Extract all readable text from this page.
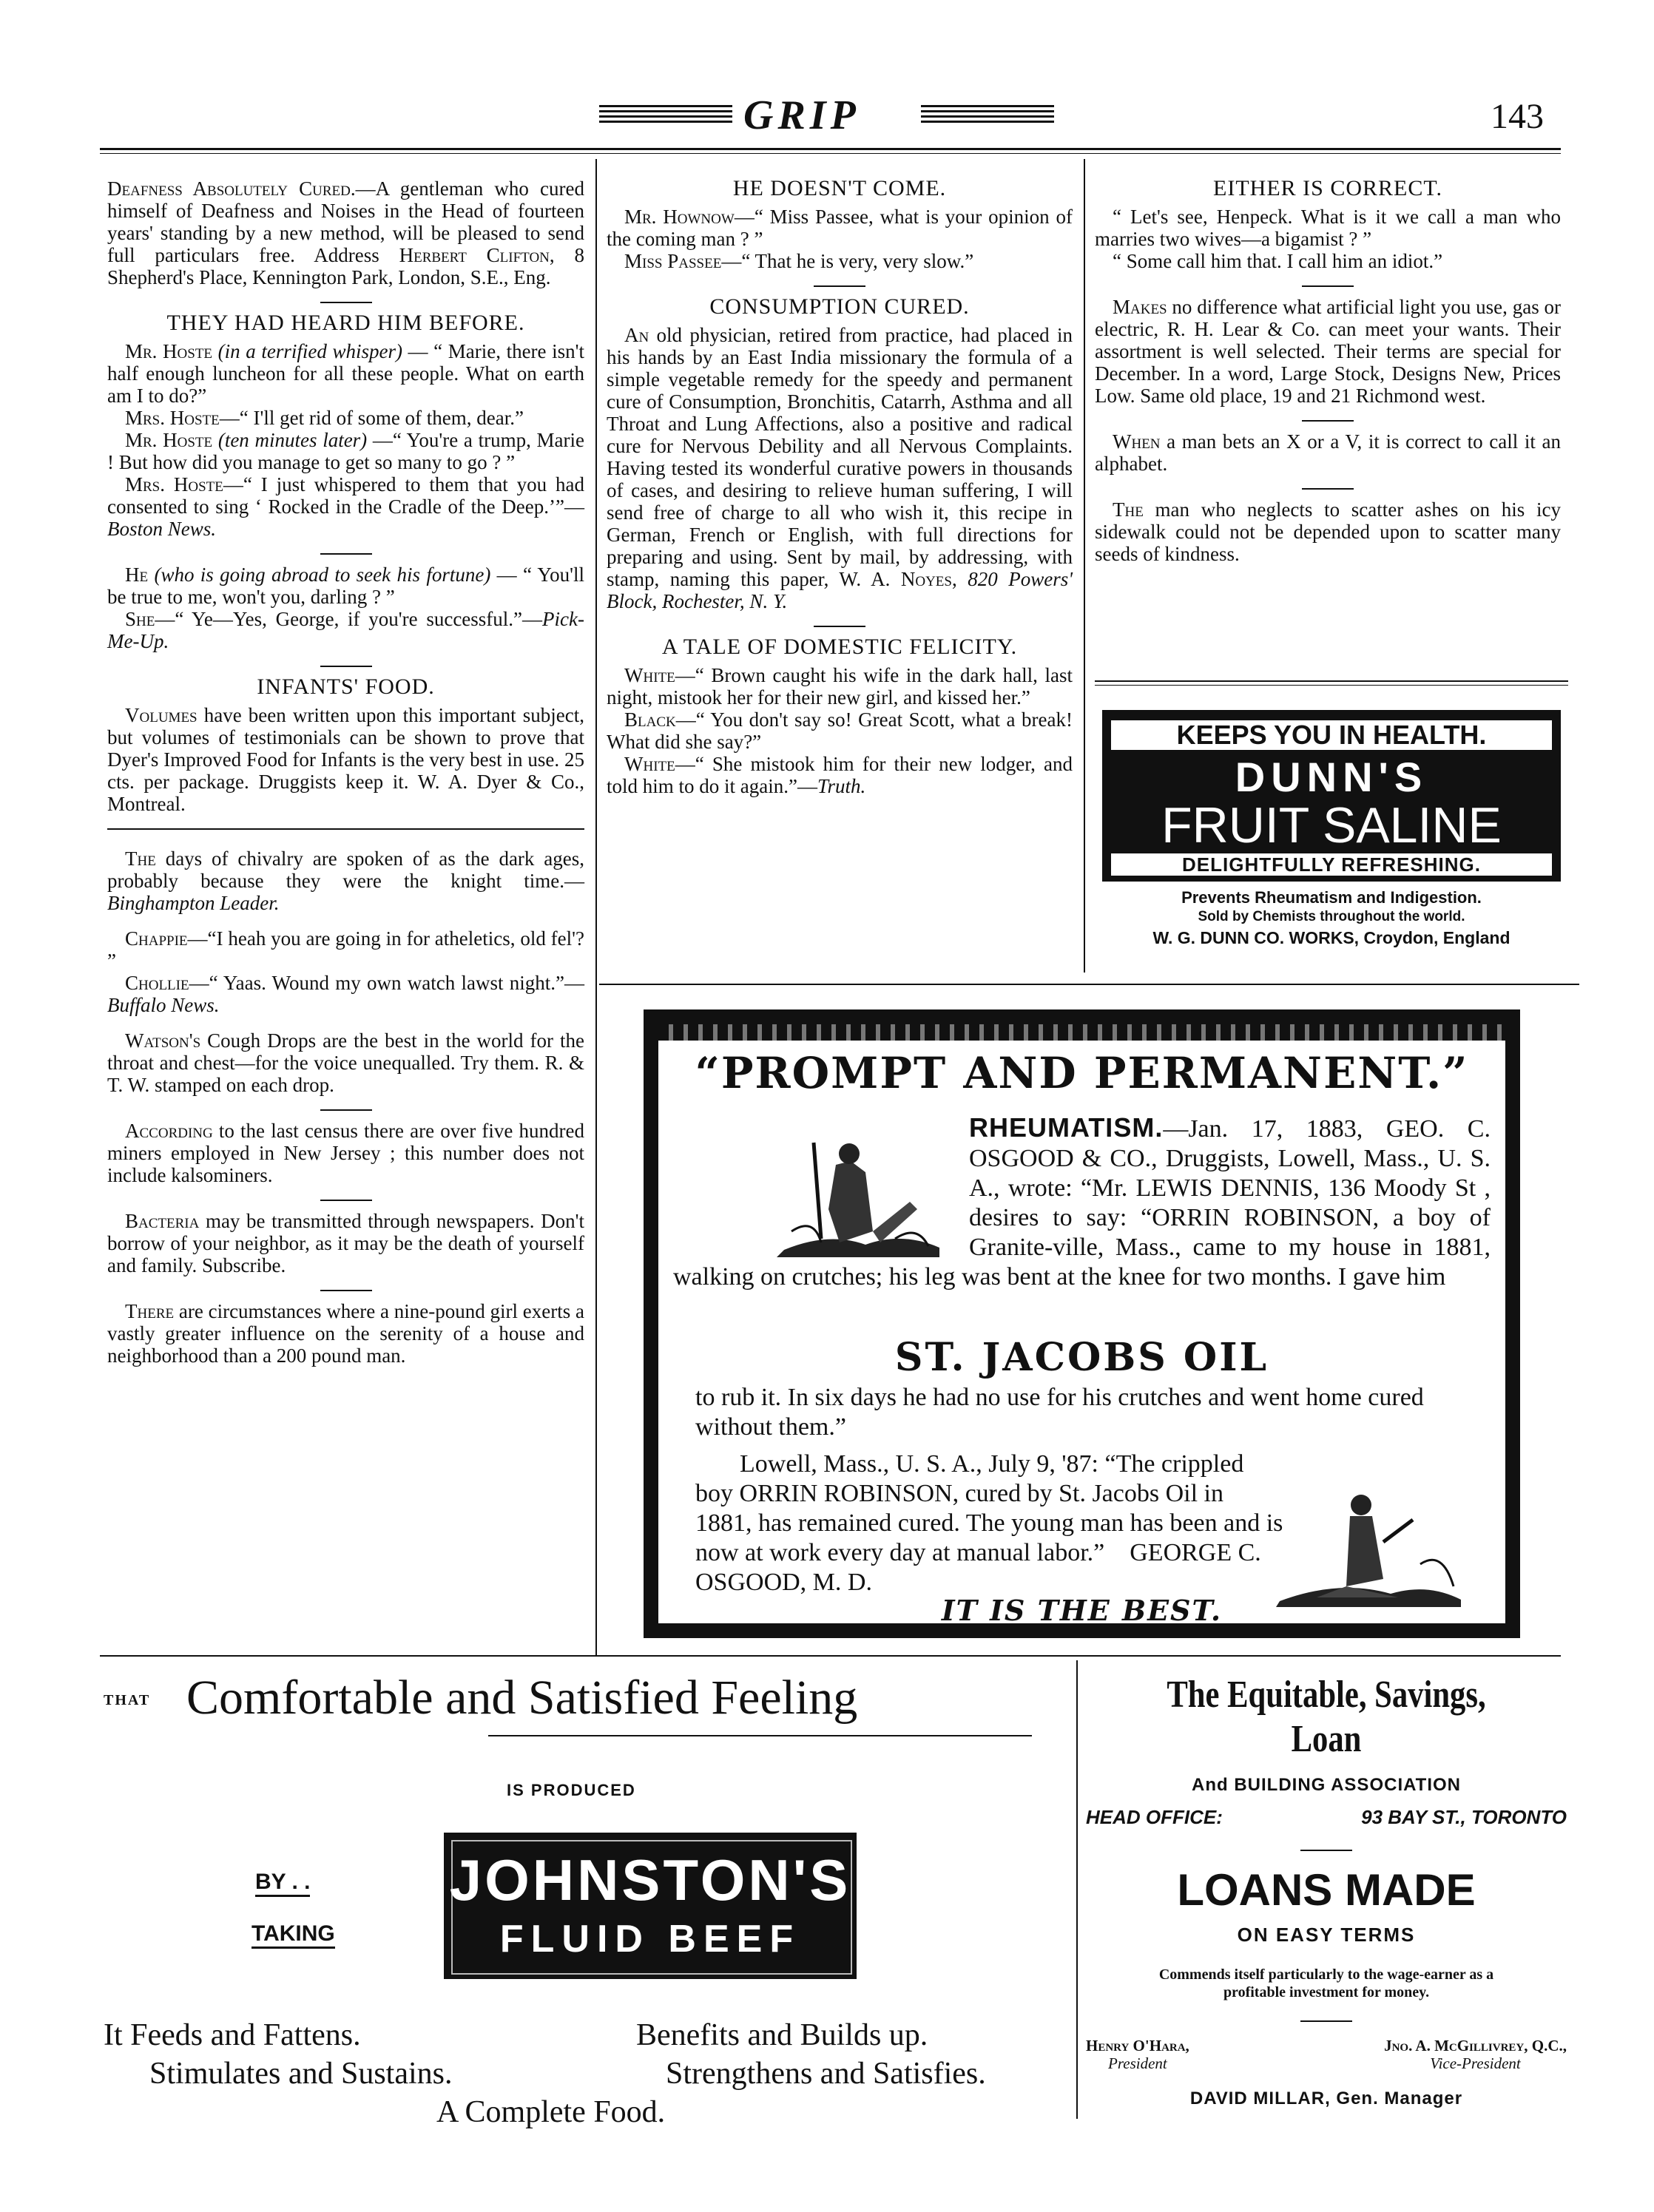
GRIP	143

Deafness Absolutely Cured.—A gentleman who cured himself of Deafness and Noises in the Head of fourteen years' standing by a new method, will be pleased to send full particulars free. Address Herbert Clifton, 8 Shepherd's Place, Kennington Park, London, S.E., Eng.

THEY HAD HEARD HIM BEFORE.

Mr. Hoste (in a terrified whisper) — “ Marie, there isn't half enough luncheon for all these people. What on earth am I to do?”

Mrs. Hoste—“ I'll get rid of some of them, dear.”

Mr. Hoste (ten minutes later) —“ You're a trump, Marie ! But how did you manage to get so many to go ? ”

Mrs. Hoste—“ I just whispered to them that you had consented to sing ‘ Rocked in the Cradle of the Deep.’”—Boston News.

He (who is going abroad to seek his fortune) — “ You'll be true to me, won't you, darling ? ”

She—“ Ye—Yes, George, if you're successful.”—Pick-Me-Up.

INFANTS' FOOD.

Volumes have been written upon this important subject, but volumes of testimonials can be shown to prove that Dyer's Improved Food for Infants is the very best in use. 25 cts. per package. Druggists keep it. W. A. Dyer & Co., Montreal.

The days of chivalry are spoken of as the dark ages, probably because they were the knight time.—Binghampton Leader.

Chappie—“I heah you are going in for atheletics, old fel'? ”

Chollie—“ Yaas. Wound my own watch lawst night.”—Buffalo News.

Watson's Cough Drops are the best in the world for the throat and chest—for the voice unequalled. Try them. R. & T. W. stamped on each drop.

According to the last census there are over five hundred miners employed in New Jersey ; this number does not include kalsominers.

Bacteria may be transmitted through newspapers. Don't borrow of your neighbor, as it may be the death of yourself and family. Subscribe.

There are circumstances where a nine-pound girl exerts a vastly greater influence on the serenity of a house and neighborhood than a 200 pound man.

HE DOESN'T COME.

Mr. Hownow—“ Miss Passee, what is your opinion of the coming man ? ”

Miss Passee—“ That he is very, very slow.”

CONSUMPTION CURED.

An old physician, retired from practice, had placed in his hands by an East India missionary the formula of a simple vegetable remedy for the speedy and permanent cure of Consumption, Bronchitis, Catarrh, Asthma and all Throat and Lung Affections, also a positive and radical cure for Nervous Debility and all Nervous Complaints. Having tested its wonderful curative powers in thousands of cases, and desiring to relieve human suffering, I will send free of charge to all who wish it, this recipe in German, French or English, with full directions for preparing and using. Sent by mail, by addressing, with stamp, naming this paper, W. A. Noyes, 820 Powers' Block, Rochester, N. Y.

A TALE OF DOMESTIC FELICITY.

White—“ Brown caught his wife in the dark hall, last night, mistook her for their new girl, and kissed her.”

Black—“ You don't say so! Great Scott, what a break! What did she say?”

White—“ She mistook him for their new lodger, and told him to do it again.”—Truth.

EITHER IS CORRECT.

“ Let's see, Henpeck. What is it we call a man who marries two wives—a bigamist ? ”

“ Some call him that. I call him an idiot.”

Makes no difference what artificial light you use, gas or electric, R. H. Lear & Co. can meet your wants. Their assortment is well selected. Their terms are special for December. In a word, Large Stock, Designs New, Prices Low. Same old place, 19 and 21 Richmond west.

When a man bets an X or a V, it is correct to call it an alphabet.

The man who neglects to scatter ashes on his icy sidewalk could not be depended upon to scatter many seeds of kindness.

KEEPS YOU IN HEALTH.
DUNN'S
FRUIT SALINE
DELIGHTFULLY REFRESHING.
Prevents Rheumatism and Indigestion.
Sold by Chemists throughout the world.
W. G. DUNN CO. WORKS, Croydon, England
“PROMPT AND PERMANENT.”
RHEUMATISM.—Jan. 17, 1883, GEO. C. OSGOOD & CO., Druggists, Lowell, Mass., U. S. A., wrote: “Mr. LEWIS DENNIS, 136 Moody St , desires to say: “ORRIN ROBINSON, a boy of Granite-ville, Mass., came to my house in 1881, walking on crutches; his leg was bent at the knee for two months. I gave him
ST. JACOBS OIL
to rub it. In six days he had no use for his crutches and went home cured without them.”
Lowell, Mass., U. S. A., July 9, '87: “The crippled boy ORRIN ROBINSON, cured by St. Jacobs Oil in 1881, has remained cured. The young man has been and is now at work every day at manual labor.” GEORGE C. OSGOOD, M. D.
IT IS THE BEST.
THAT Comfortable and Satisfied Feeling
IS PRODUCED
BY . .
TAKING
JOHNSTON'S
FLUID BEEF
It Feeds and Fattens.	Benefits and Builds up.
Stimulates and Sustains.	Strengthens and Satisfies.
A Complete Food.
The Equitable, Savings, Loan
And BUILDING ASSOCIATION
HEAD OFFICE:	93 BAY ST., TORONTO
LOANS MADE
ON EASY TERMS
Commends itself particularly to the wage-earner as a profitable investment for money.
Henry O'Hara,
President
Jno. A. McGillivrey, Q.C.,
Vice-President
DAVID MILLAR, Gen. Manager
